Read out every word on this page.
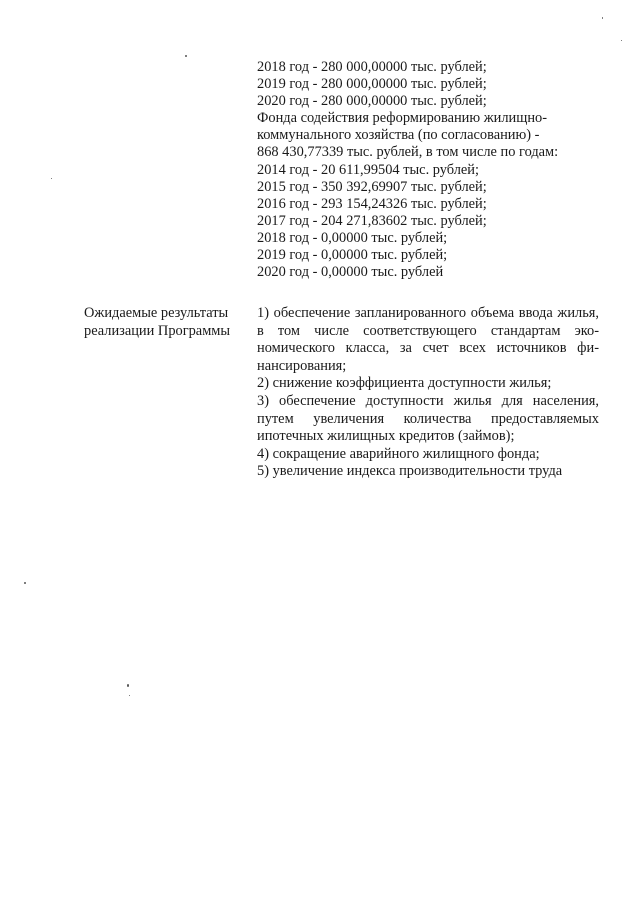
2018 год - 280 000,00000 тыс. рублей;
2019 год - 280 000,00000 тыс. рублей;
2020 год - 280 000,00000 тыс. рублей;
Фонда содействия реформированию жилищно-
коммунального хозяйства (по согласованию) -
868 430,77339 тыс. рублей, в том числе по годам:
2014 год - 20 611,99504 тыс. рублей;
2015 год - 350 392,69907 тыс. рублей;
2016 год - 293 154,24326 тыс. рублей;
2017 год - 204 271,83602 тыс. рублей;
2018 год - 0,00000 тыс. рублей;
2019 год - 0,00000 тыс. рублей;
2020 год - 0,00000 тыс. рублей
Ожидаемые результаты
реализации Программы
1) обеспечение запланированного объема ввода жилья, в том числе соответствующего стандартам экономического класса, за счет всех источников финансирования;
2) снижение коэффициента доступности жилья;
3) обеспечение доступности жилья для населения, путем увеличения количества предоставляемых ипотечных жилищных кредитов (займов);
4) сокращение аварийного жилищного фонда;
5) увеличение индекса производительности труда
